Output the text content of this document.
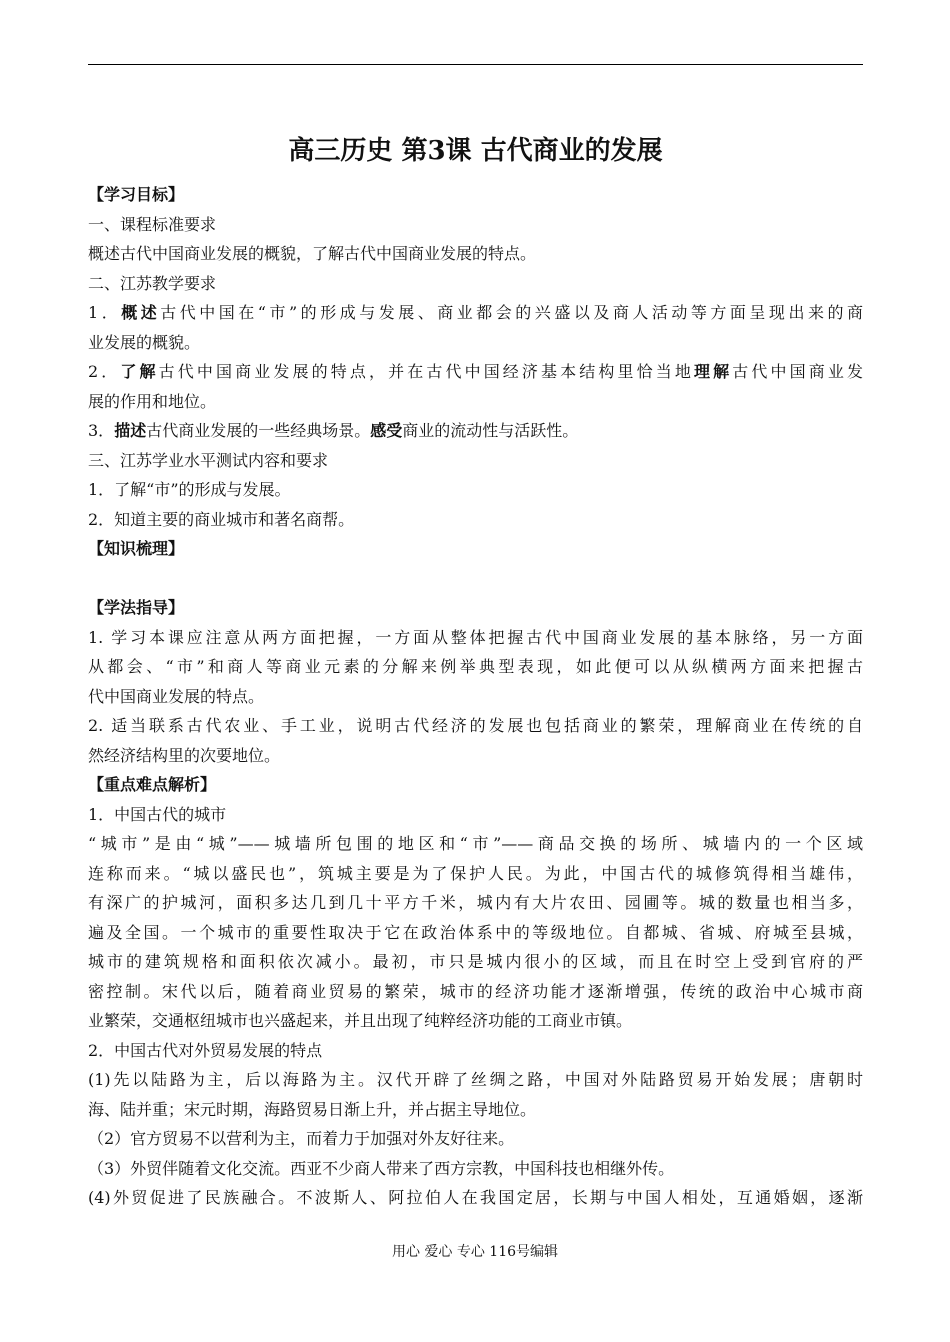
高三历史 第3课 古代商业的发展
【学习目标】
一、课程标准要求
概述古代中国商业发展的概貌，了解古代中国商业发展的特点。
二、江苏教学要求
1．概述古代中国在“市”的形成与发展、商业都会的兴盛以及商人活动等方面呈现出来的商
业发展的概貌。
2．了解古代中国商业发展的特点，并在古代中国经济基本结构里恰当地理解古代中国商业发
展的作用和地位。
3．描述古代商业发展的一些经典场景。感受商业的流动性与活跃性。
三、江苏学业水平测试内容和要求
1．了解“市”的形成与发展。
2．知道主要的商业城市和著名商帮。
【知识梳理】
【学法指导】
1. 学习本课应注意从两方面把握，一方面从整体把握古代中国商业发展的基本脉络，另一方面
从都会、“市”和商人等商业元素的分解来例举典型表现，如此便可以从纵横两方面来把握古
代中国商业发展的特点。
2. 适当联系古代农业、手工业，说明古代经济的发展也包括商业的繁荣，理解商业在传统的自
然经济结构里的次要地位。
【重点难点解析】
1．中国古代的城市
“城市”是由“城”——城墙所包围的地区和“市”——商品交换的场所、城墙内的一个区域
连称而来。“城以盛民也”，筑城主要是为了保护人民。为此，中国古代的城修筑得相当雄伟，
有深广的护城河，面积多达几到几十平方千米，城内有大片农田、园圃等。城的数量也相当多，
遍及全国。一个城市的重要性取决于它在政治体系中的等级地位。自都城、省城、府城至县城，
城市的建筑规格和面积依次减小。最初，市只是城内很小的区域，而且在时空上受到官府的严
密控制。宋代以后，随着商业贸易的繁荣，城市的经济功能才逐渐增强，传统的政治中心城市商
业繁荣，交通枢纽城市也兴盛起来，并且出现了纯粹经济功能的工商业市镇。
2．中国古代对外贸易发展的特点
(1)先以陆路为主，后以海路为主。汉代开辟了丝绸之路，中国对外陆路贸易开始发展；唐朝时
海、陆并重；宋元时期，海路贸易日渐上升，并占据主导地位。
（2）官方贸易不以营利为主，而着力于加强对外友好往来。
（3）外贸伴随着文化交流。西亚不少商人带来了西方宗教，中国科技也相继外传。
(4)外贸促进了民族融合。不波斯人、阿拉伯人在我国定居，长期与中国人相处，互通婚姻，逐渐
用心 爱心 专心 116号编辑
